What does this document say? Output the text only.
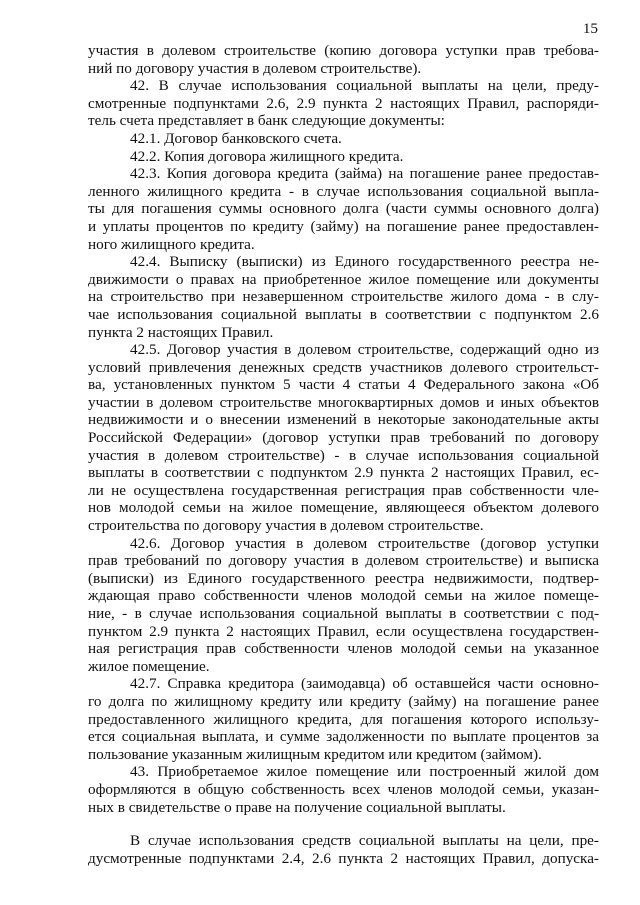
15
участия в долевом строительстве (копию договора уступки прав требова-
ний по договору участия в долевом строительстве).
42. В случае использования социальной выплаты на цели, преду-
смотренные подпунктами 2.6, 2.9 пункта 2 настоящих Правил, распоряди-
тель счета представляет в банк следующие документы:
42.1. Договор банковского счета.
42.2. Копия договора жилищного кредита.
42.3. Копия договора кредита (займа) на погашение ранее предостав-
ленного жилищного кредита - в случае использования социальной выпла-
ты для погашения суммы основного долга (части суммы основного долга)
и уплаты процентов по кредиту (займу) на погашение ранее предоставлен-
ного жилищного кредита.
42.4. Выписку (выписки) из Единого государственного реестра не-
движимости о правах на приобретенное жилое помещение или документы
на строительство при незавершенном строительстве жилого дома - в слу-
чае использования социальной выплаты в соответствии с подпунктом 2.6
пункта 2 настоящих Правил.
42.5. Договор участия в долевом строительстве, содержащий одно из
условий привлечения денежных средств участников долевого строительст-
ва, установленных пунктом 5 части 4 статьи 4 Федерального закона «Об
участии в долевом строительстве многоквартирных домов и иных объектов
недвижимости и о внесении изменений в некоторые законодательные акты
Российской Федерации» (договор уступки прав требований по договору
участия в долевом строительстве) - в случае использования социальной
выплаты в соответствии с подпунктом 2.9 пункта 2 настоящих Правил, ес-
ли не осуществлена государственная регистрация прав собственности чле-
нов молодой семьи на жилое помещение, являющееся объектом долевого
строительства по договору участия в долевом строительстве.
42.6. Договор участия в долевом строительстве (договор уступки
прав требований по договору участия в долевом строительстве) и выписка
(выписки) из Единого государственного реестра недвижимости, подтвер-
ждающая право собственности членов молодой семьи на жилое помеще-
ние, - в случае использования социальной выплаты в соответствии с под-
пунктом 2.9 пункта 2 настоящих Правил, если осуществлена государствен-
ная регистрация прав собственности членов молодой семьи на указанное
жилое помещение.
42.7. Справка кредитора (заимодавца) об оставшейся части основно-
го долга по жилищному кредиту или кредиту (займу) на погашение ранее
предоставленного жилищного кредита, для погашения которого использу-
ется социальная выплата, и сумме задолженности по выплате процентов за
пользование указанным жилищным кредитом или кредитом (займом).
43. Приобретаемое жилое помещение или построенный жилой дом
оформляются в общую собственность всех членов молодой семьи, указан-
ных в свидетельстве о праве на получение социальной выплаты.
В случае использования средств социальной выплаты на цели, пре-
дусмотренные подпунктами 2.4, 2.6 пункта 2 настоящих Правил, допуска-
